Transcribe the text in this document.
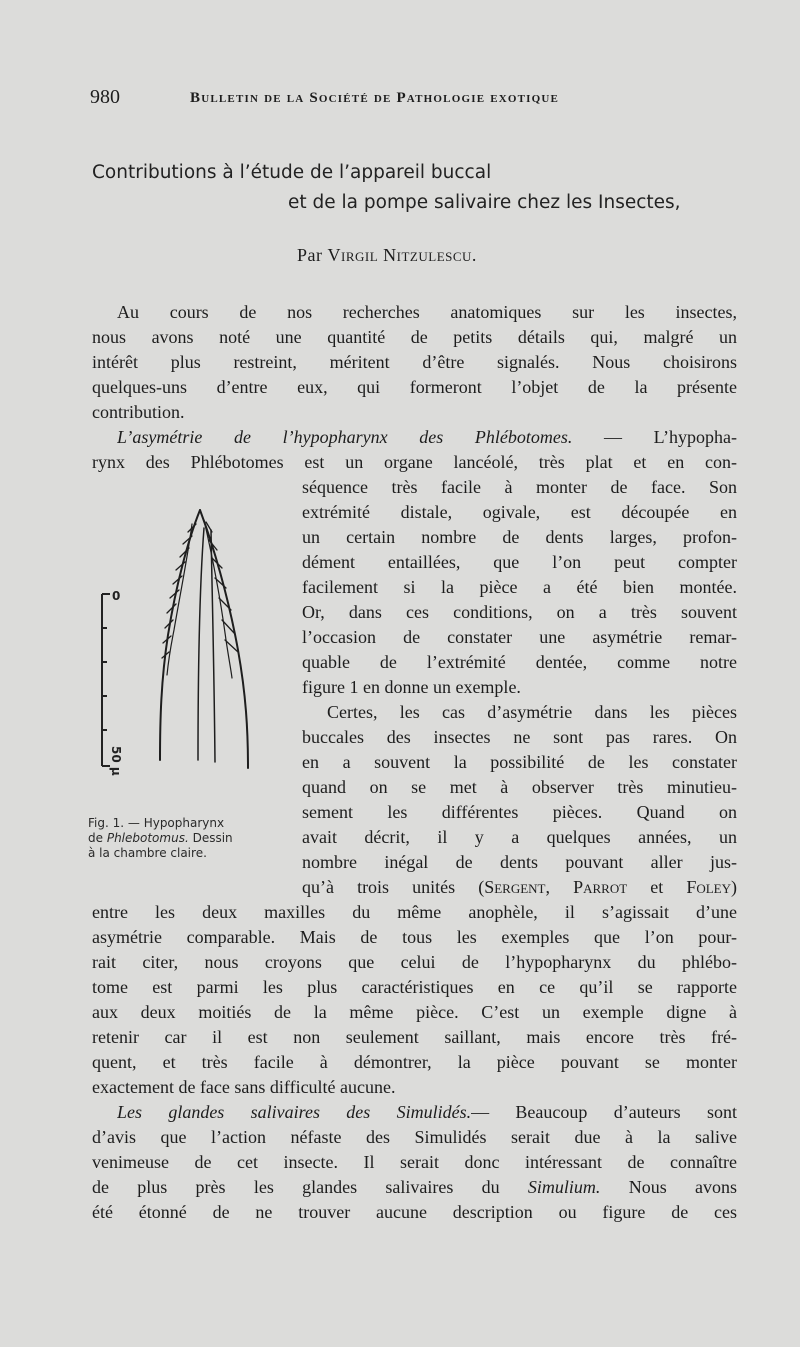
980	Bulletin de la Société de Pathologie exotique
Contributions à l’étude de l’appareil buccal
et de la pompe salivaire chez les Insectes,
Par Virgil Nitzulescu.
Au cours de nos recherches anatomiques sur les insectes,
nous avons noté une quantité de petits détails qui, malgré un
intérêt plus restreint, méritent d’être signalés. Nous choisirons
quelques-uns d’entre eux, qui formeront l’objet de la présente
contribution.
L’asymétrie de l’hypopharynx des Phlébotomes. — L’hypopha-
rynx des Phlébotomes est un organe lancéolé, très plat et en con-
séquence très facile à monter de face. Son
extrémité distale, ogivale, est découpée en
un certain nombre de dents larges, profon-
dément entaillées, que l’on peut compter
facilement si la pièce a été bien montée.
Or, dans ces conditions, on a très souvent
l’occasion de constater une asymétrie remar-
quable de l’extrémité dentée, comme notre
figure 1 en donne un exemple.
Certes, les cas d’asymétrie dans les pièces
buccales des insectes ne sont pas rares. On
en a souvent la possibilité de les constater
quand on se met à observer très minutieu-
sement les différentes pièces. Quand on
avait décrit, il y a quelques années, un
nombre inégal de dents pouvant aller jus-
qu’à trois unités (Sergent, Parrot et Foley)
entre les deux maxilles du même anophèle, il s’agissait d’une
asymétrie comparable. Mais de tous les exemples que l’on pour-
rait citer, nous croyons que celui de l’hypopharynx du phlébo-
tome est parmi les plus caractéristiques en ce qu’il se rapporte
aux deux moitiés de la même pièce. C’est un exemple digne à
retenir car il est non seulement saillant, mais encore très fré-
quent, et très facile à démontrer, la pièce pouvant se monter
exactement de face sans difficulté aucune.
Les glandes salivaires des Simulidés.— Beaucoup d’auteurs sont
d’avis que l’action néfaste des Simulidés serait due à la salive
venimeuse de cet insecte. Il serait donc intéressant de connaître
de plus près les glandes salivaires du Simulium. Nous avons
été étonné de ne trouver aucune description ou figure de ces
0
50 μ
Fig. 1. — Hypopharynx
de Phlebotomus. Dessin
à la chambre claire.
